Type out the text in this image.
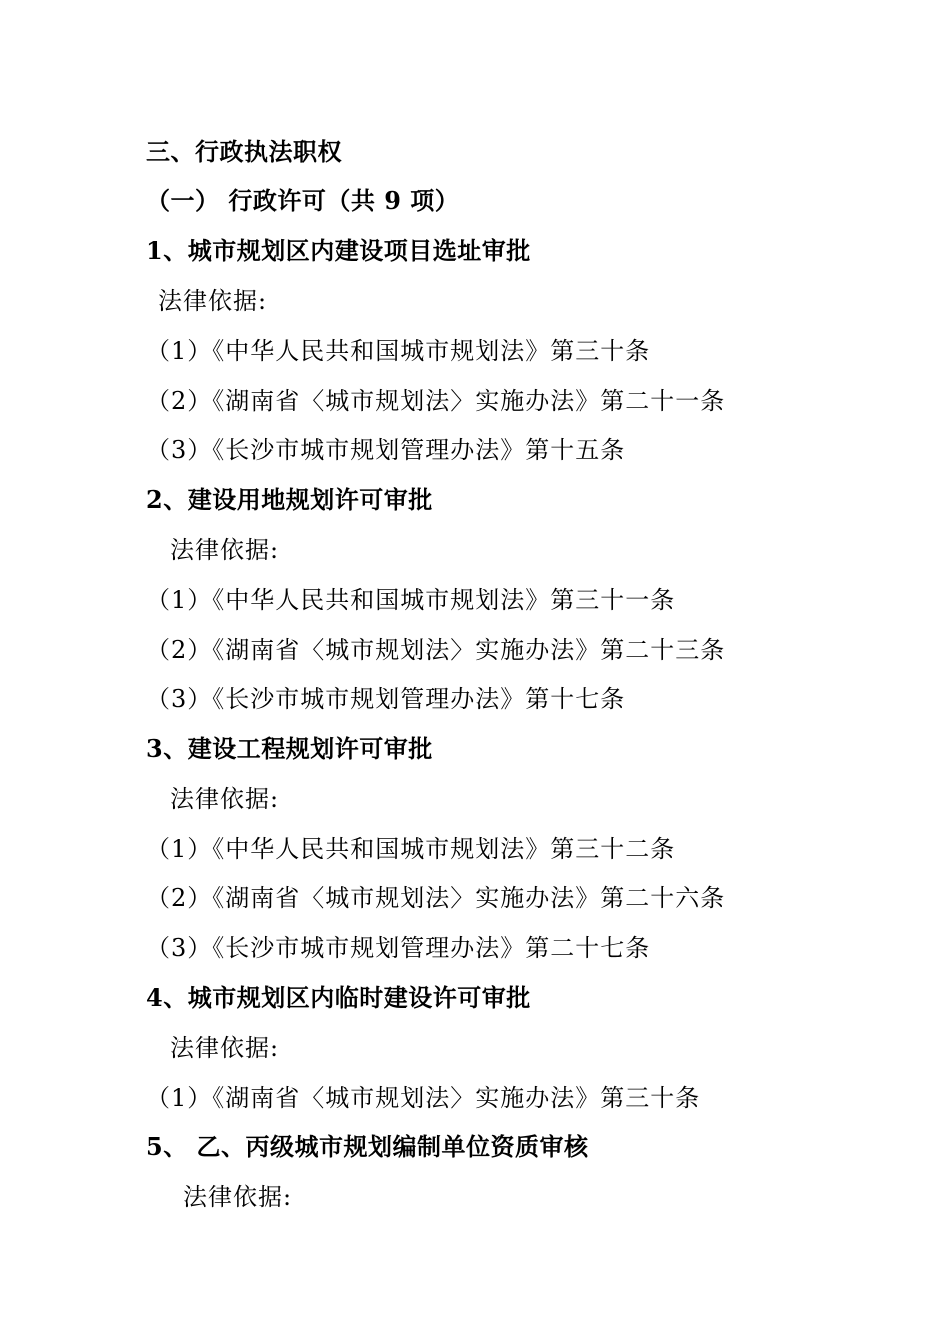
三、行政执法职权
（一） 行政许可（共 9 项）
1、城市规划区内建设项目选址审批
法律依据:
（1）《中华人民共和国城市规划法》第三十条
（2）《湖南省〈城市规划法〉实施办法》第二十一条
（3）《长沙市城市规划管理办法》第十五条
2、建设用地规划许可审批
法律依据:
（1）《中华人民共和国城市规划法》第三十一条
（2）《湖南省〈城市规划法〉实施办法》第二十三条
（3）《长沙市城市规划管理办法》第十七条
3、建设工程规划许可审批
法律依据:
（1）《中华人民共和国城市规划法》第三十二条
（2）《湖南省〈城市规划法〉实施办法》第二十六条
（3）《长沙市城市规划管理办法》第二十七条
4、城市规划区内临时建设许可审批
法律依据:
（1）《湖南省〈城市规划法〉实施办法》第三十条
5、 乙、丙级城市规划编制单位资质审核
法律依据:
